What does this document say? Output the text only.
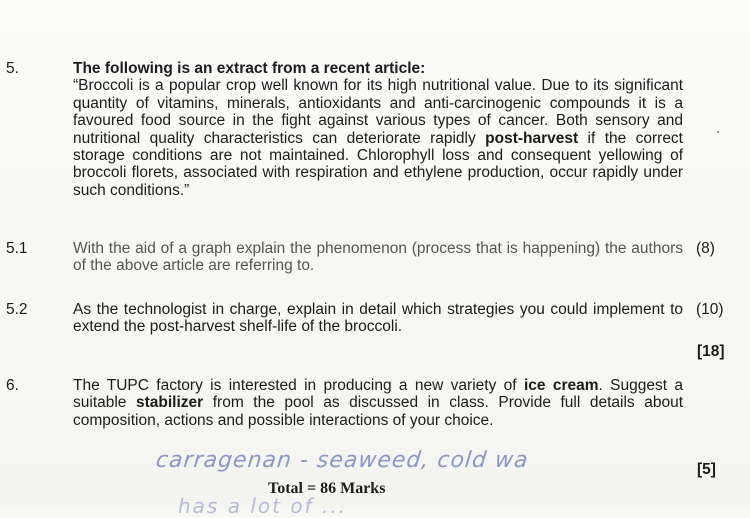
5.	The following is an extract from a recent article:
“Broccoli is a popular crop well known for its high nutritional value. Due to its significant quantity of vitamins, minerals, antioxidants and anti-carcinogenic compounds it is a favoured food source in the fight against various types of cancer. Both sensory and nutritional quality characteristics can deteriorate rapidly post-harvest if the correct storage conditions are not maintained. Chlorophyll loss and consequent yellowing of broccoli florets, associated with respiration and ethylene production, occur rapidly under such conditions.”
5.1	With the aid of a graph explain the phenomenon (process that is happening) the authors of the above article are referring to.
(8)
5.2	As the technologist in charge, explain in detail which strategies you could implement to extend the post-harvest shelf-life of the broccoli.
(10)
[18]
6.	The TUPC factory is interested in producing a new variety of ice cream. Suggest a suitable stabilizer from the pool as discussed in class. Provide full details about composition, actions and possible interactions of your choice.
[5]
carragenan - seaweed, cold wa
has a lot of ...
Total = 86 Marks
